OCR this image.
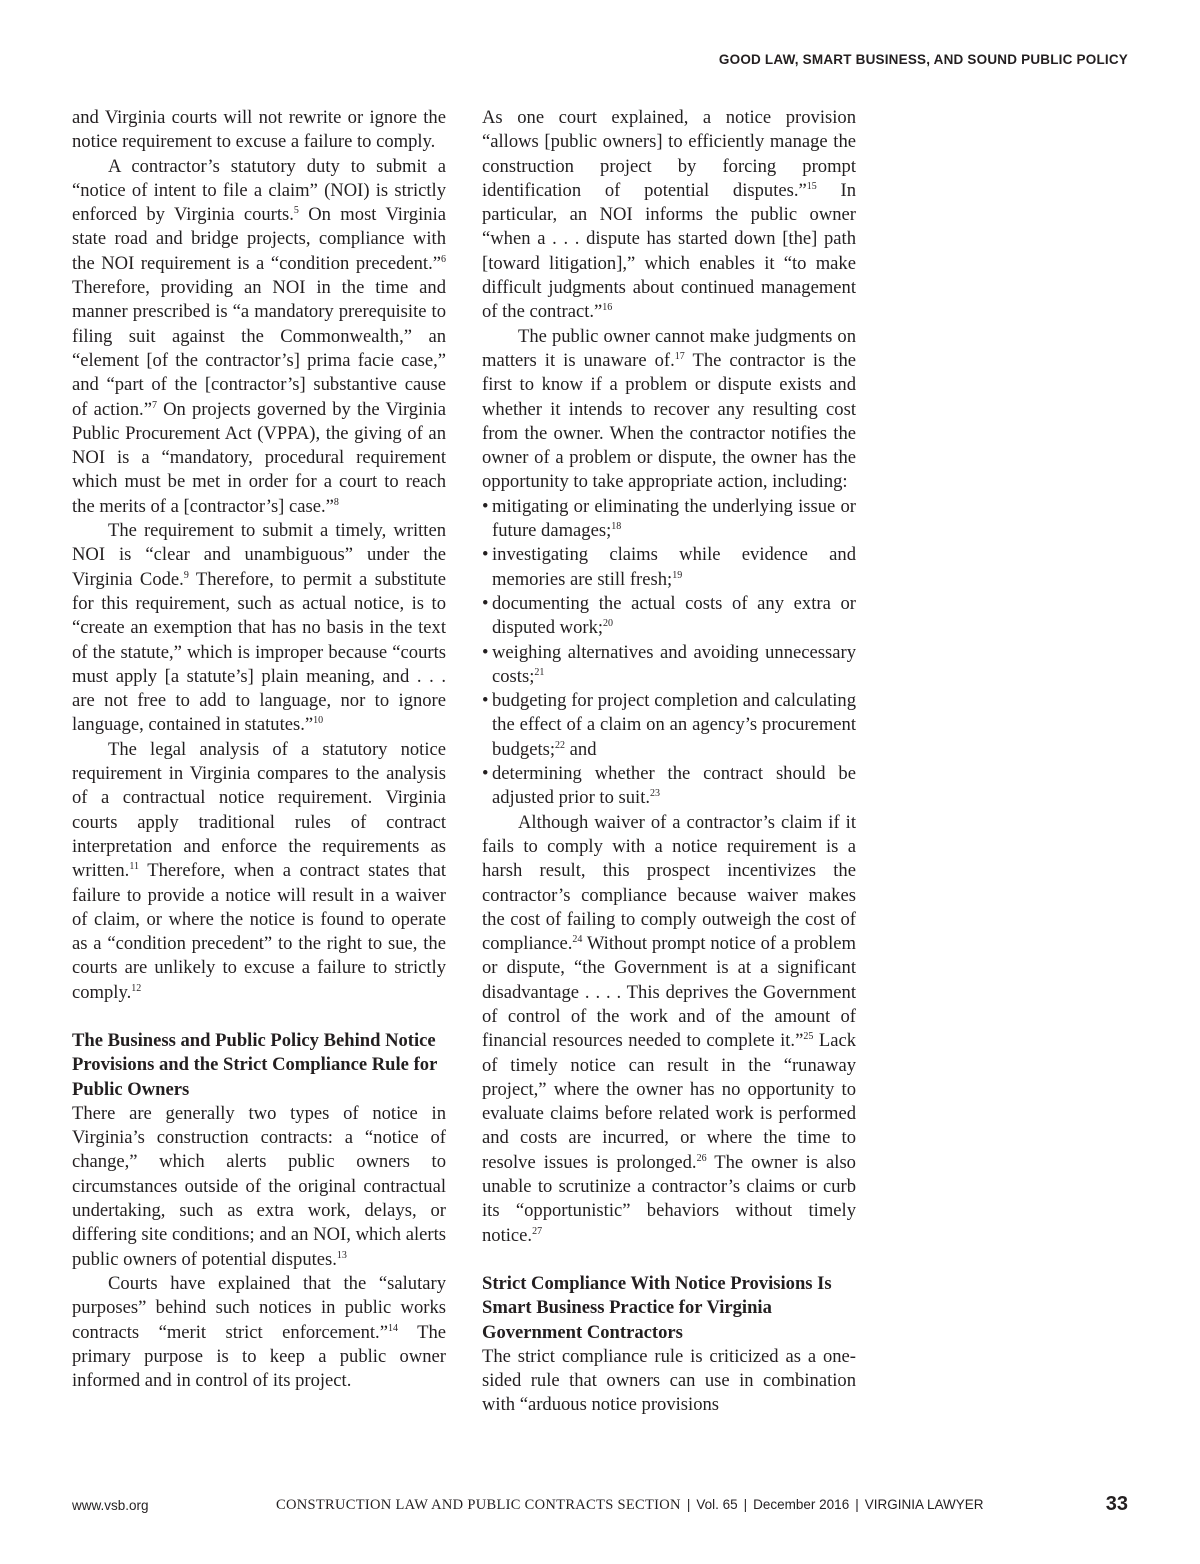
GOOD LAW, SMART BUSINESS, AND SOUND PUBLIC POLICY

and Virginia courts will not rewrite or ignore the notice requirement to excuse a failure to comply.

A contractor’s statutory duty to submit a “notice of intent to file a claim” (NOI) is strictly enforced by Virginia courts.$^5$ On most Virginia state road and bridge projects, compliance with the NOI requirement is a “condition precedent.”$^6$ Therefore, providing an NOI in the time and manner prescribed is “a mandatory prerequisite to filing suit against the Commonwealth,” an “element [of the contractor’s] prima facie case,” and “part of the [contractor’s] substantive cause of action.”$^7$ On projects governed by the Virginia Public Procurement Act (VPPA), the giving of an NOI is a “mandatory, procedural requirement which must be met in order for a court to reach the merits of a [contractor’s] case.”$^8$

The requirement to submit a timely, written NOI is “clear and unambiguous” under the Virginia Code.$^9$ Therefore, to permit a substitute for this requirement, such as actual notice, is to “create an exemption that has no basis in the text of the statute,” which is improper because “courts must apply [a statute’s] plain meaning, and . . . are not free to add to language, nor to ignore language, contained in statutes.”$^{10}$

The legal analysis of a statutory notice requirement in Virginia compares to the analysis of a contractual notice requirement. Virginia courts apply traditional rules of contract interpretation and enforce the requirements as written.$^{11}$ Therefore, when a contract states that failure to provide a notice will result in a waiver of claim, or where the notice is found to operate as a “condition precedent” to the right to sue, the courts are unlikely to excuse a failure to strictly comply.$^{12}$

The Business and Public Policy Behind Notice Provisions and the Strict Compliance Rule for Public Owners

There are generally two types of notice in Virginia’s construction contracts: a “notice of change,” which alerts public owners to circumstances outside of the original contractual undertaking, such as extra work, delays, or differing site conditions; and an NOI, which alerts public owners of potential disputes.$^{13}$

Courts have explained that the “salutary purposes” behind such notices in public works contracts “merit strict enforcement.”$^{14}$ The primary purpose is to keep a public owner informed and in control of its project.

As one court explained, a notice provision “allows [public owners] to efficiently manage the construction project by forcing prompt identification of potential disputes.”$^{15}$ In particular, an NOI informs the public owner “when a . . . dispute has started down [the] path [toward litigation],” which enables it “to make difficult judgments about continued management of the contract.”$^{16}$

The public owner cannot make judgments on matters it is unaware of.$^{17}$ The contractor is the first to know if a problem or dispute exists and whether it intends to recover any resulting cost from the owner. When the contractor notifies the owner of a problem or dispute, the owner has the opportunity to take appropriate action, including:

• mitigating or eliminating the underlying issue or future damages;$^{18}$
• investigating claims while evidence and memories are still fresh;$^{19}$
• documenting the actual costs of any extra or disputed work;$^{20}$
• weighing alternatives and avoiding unnecessary costs;$^{21}$
• budgeting for project completion and calculating the effect of a claim on an agency’s procurement budgets;$^{22}$ and
• determining whether the contract should be adjusted prior to suit.$^{23}$

Although waiver of a contractor’s claim if it fails to comply with a notice requirement is a harsh result, this prospect incentivizes the contractor’s compliance because waiver makes the cost of failing to comply outweigh the cost of compliance.$^{24}$ Without prompt notice of a problem or dispute, “the Government is at a significant disadvantage . . . . This deprives the Government of control of the work and of the amount of financial resources needed to complete it.”$^{25}$ Lack of timely notice can result in the “runaway project,” where the owner has no opportunity to evaluate claims before related work is performed and costs are incurred, or where the time to resolve issues is prolonged.$^{26}$ The owner is also unable to scrutinize a contractor’s claims or curb its “opportunistic” behaviors without timely notice.$^{27}$

Strict Compliance With Notice Provisions Is Smart Business Practice for Virginia Government Contractors

The strict compliance rule is criticized as a one-sided rule that owners can use in combination with “arduous notice provisions

www.vsb.org	CONSTRUCTION LAW AND PUBLIC CONTRACTS SECTION | Vol. 65 | December 2016 | VIRGINIA LAWYER	33
